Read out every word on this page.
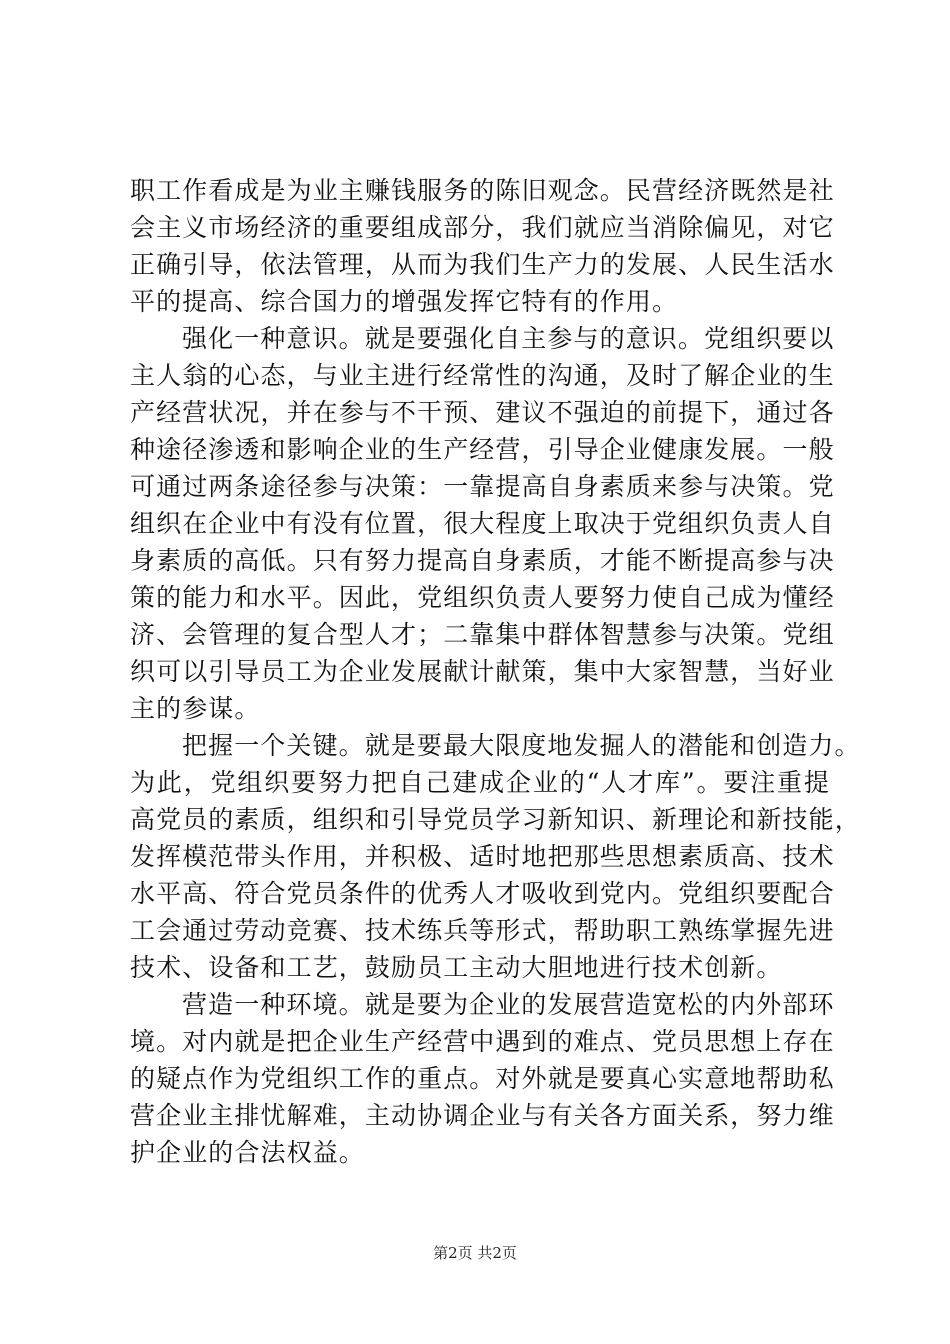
职工作看成是为业主赚钱服务的陈旧观念。民营经济既然是社
会主义市场经济的重要组成部分，我们就应当消除偏见，对它
正确引导，依法管理，从而为我们生产力的发展、人民生活水
平的提高、综合国力的增强发挥它特有的作用。
强化一种意识。就是要强化自主参与的意识。党组织要以
主人翁的心态，与业主进行经常性的沟通，及时了解企业的生
产经营状况，并在参与不干预、建议不强迫的前提下，通过各
种途径渗透和影响企业的生产经营，引导企业健康发展。一般
可通过两条途径参与决策：一靠提高自身素质来参与决策。党
组织在企业中有没有位置，很大程度上取决于党组织负责人自
身素质的高低。只有努力提高自身素质，才能不断提高参与决
策的能力和水平。因此，党组织负责人要努力使自己成为懂经
济、会管理的复合型人才；二靠集中群体智慧参与决策。党组
织可以引导员工为企业发展献计献策，集中大家智慧，当好业
主的参谋。
把握一个关键。就是要最大限度地发掘人的潜能和创造力。
为此，党组织要努力把自己建成企业的“人才库”。要注重提
高党员的素质，组织和引导党员学习新知识、新理论和新技能，
发挥模范带头作用，并积极、适时地把那些思想素质高、技术
水平高、符合党员条件的优秀人才吸收到党内。党组织要配合
工会通过劳动竞赛、技术练兵等形式，帮助职工熟练掌握先进
技术、设备和工艺，鼓励员工主动大胆地进行技术创新。
营造一种环境。就是要为企业的发展营造宽松的内外部环
境。对内就是把企业生产经营中遇到的难点、党员思想上存在
的疑点作为党组织工作的重点。对外就是要真心实意地帮助私
营企业主排忧解难，主动协调企业与有关各方面关系，努力维
护企业的合法权益。
第2页 共2页
